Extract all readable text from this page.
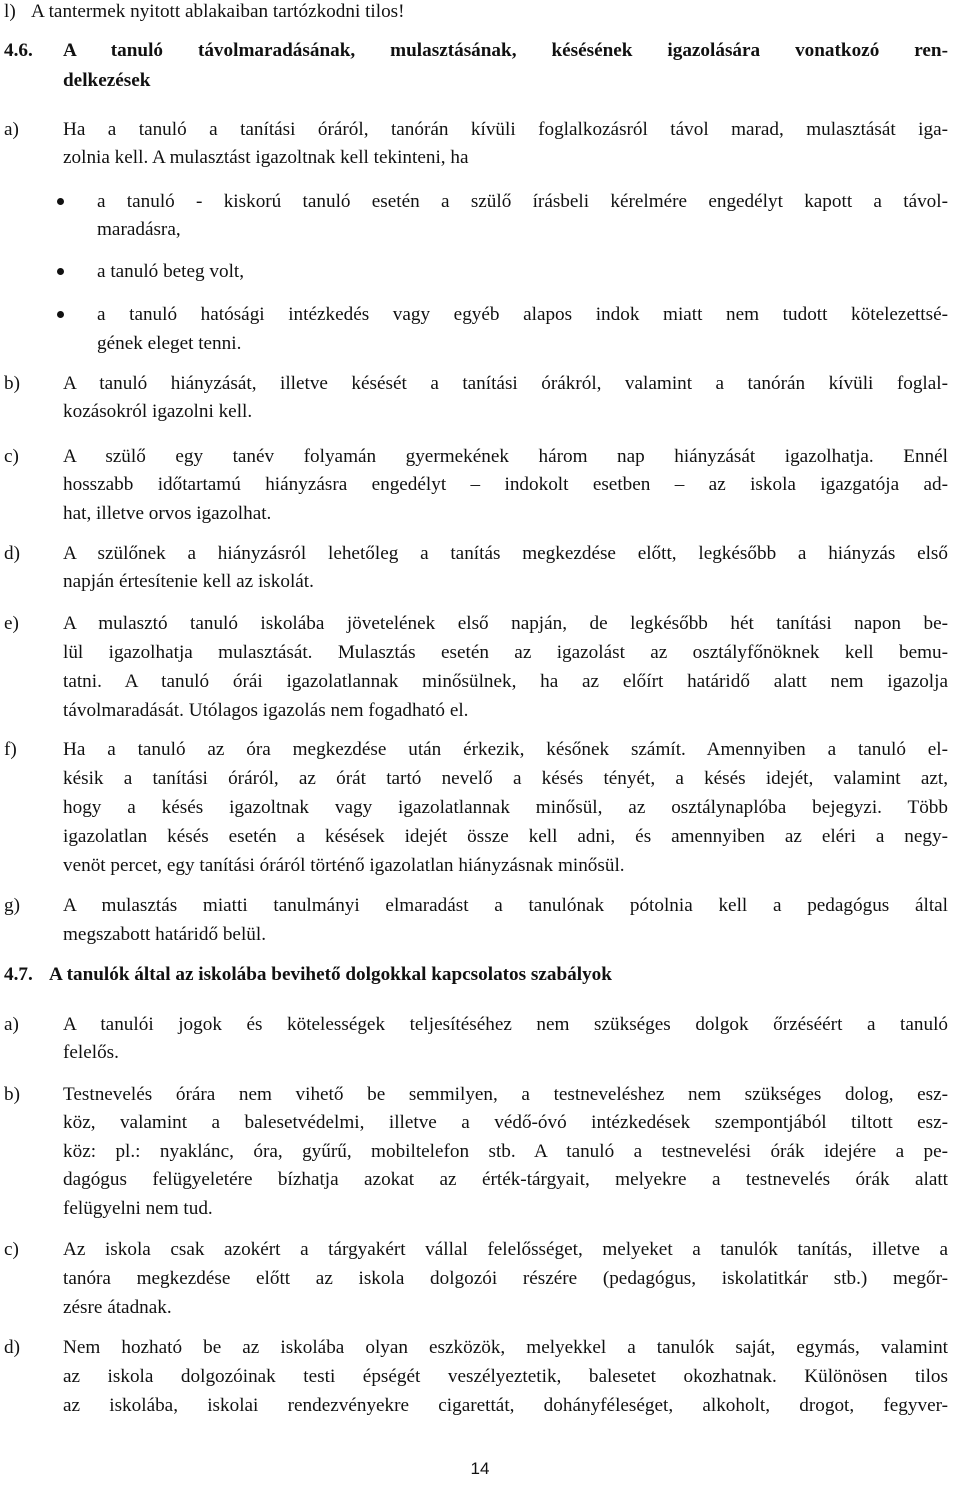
l) A tantermek nyitott ablakaiban tartózkodni tilos!
4.6. A tanuló távolmaradásának, mulasztásának, késésének igazolására vonatkozó ren-
delkezések
a) Ha a tanuló a tanítási óráról, tanórán kívüli foglalkozásról távol marad, mulasztását iga-
zolnia kell. A mulasztást igazoltnak kell tekinteni, ha
a tanuló - kiskorú tanuló esetén a szülő írásbeli kérelmére engedélyt kapott a távol-
maradásra,
a tanuló beteg volt,
a tanuló hatósági intézkedés vagy egyéb alapos indok miatt nem tudott kötelezettsé-
gének eleget tenni.
b) A tanuló hiányzását, illetve késését a tanítási órákról, valamint a tanórán kívüli foglal-
kozásokról igazolni kell.
c) A szülő egy tanév folyamán gyermekének három nap hiányzását igazolhatja. Ennél
hosszabb időtartamú hiányzásra engedélyt – indokolt esetben – az iskola igazgatója ad-
hat, illetve orvos igazolhat.
d) A szülőnek a hiányzásról lehetőleg a tanítás megkezdése előtt, legkésőbb a hiányzás első
napján értesítenie kell az iskolát.
e) A mulasztó tanuló iskolába jövetelének első napján, de legkésőbb hét tanítási napon be-
lül igazolhatja mulasztását. Mulasztás esetén az igazolást az osztályfőnöknek kell bemu-
tatni. A tanuló órái igazolatlannak minősülnek, ha az előírt határidő alatt nem igazolja
távolmaradását. Utólagos igazolás nem fogadható el.
f) Ha a tanuló az óra megkezdése után érkezik, későnek számít. Amennyiben a tanuló el-
késik a tanítási óráról, az órát tartó nevelő a késés tényét, a késés idejét, valamint azt,
hogy a késés igazoltnak vagy igazolatlannak minősül, az osztálynaplóba bejegyzi. Több
igazolatlan késés esetén a késések idejét össze kell adni, és amennyiben az eléri a negy-
venöt percet, egy tanítási óráról történő igazolatlan hiányzásnak minősül.
g) A mulasztás miatti tanulmányi elmaradást a tanulónak pótolnia kell a pedagógus által
megszabott határidő belül.
4.7. A tanulók által az iskolába bevihető dolgokkal kapcsolatos szabályok
a) A tanulói jogok és kötelességek teljesítéséhez nem szükséges dolgok őrzéséért a tanuló
felelős.
b) Testnevelés órára nem vihető be semmilyen, a testneveléshez nem szükséges dolog, esz-
köz, valamint a balesetvédelmi, illetve a védő-óvó intézkedések szempontjából tiltott esz-
köz: pl.: nyaklánc, óra, gyűrű, mobiltelefon stb. A tanuló a testnevelési órák idejére a pe-
dagógus felügyeletére bízhatja azokat az érték-tárgyait, melyekre a testnevelés órák alatt
felügyelni nem tud.
c) Az iskola csak azokért a tárgyakért vállal felelősséget, melyeket a tanulók tanítás, illetve a
tanóra megkezdése előtt az iskola dolgozói részére (pedagógus, iskolatitkár stb.) megőr-
zésre átadnak.
d) Nem hozható be az iskolába olyan eszközök, melyekkel a tanulók saját, egymás, valamint
az iskola dolgozóinak testi épségét veszélyeztetik, balesetet okozhatnak. Különösen tilos
az iskolába, iskolai rendezvényekre cigarettát, dohányféleséget, alkoholt, drogot, fegyver-
14
